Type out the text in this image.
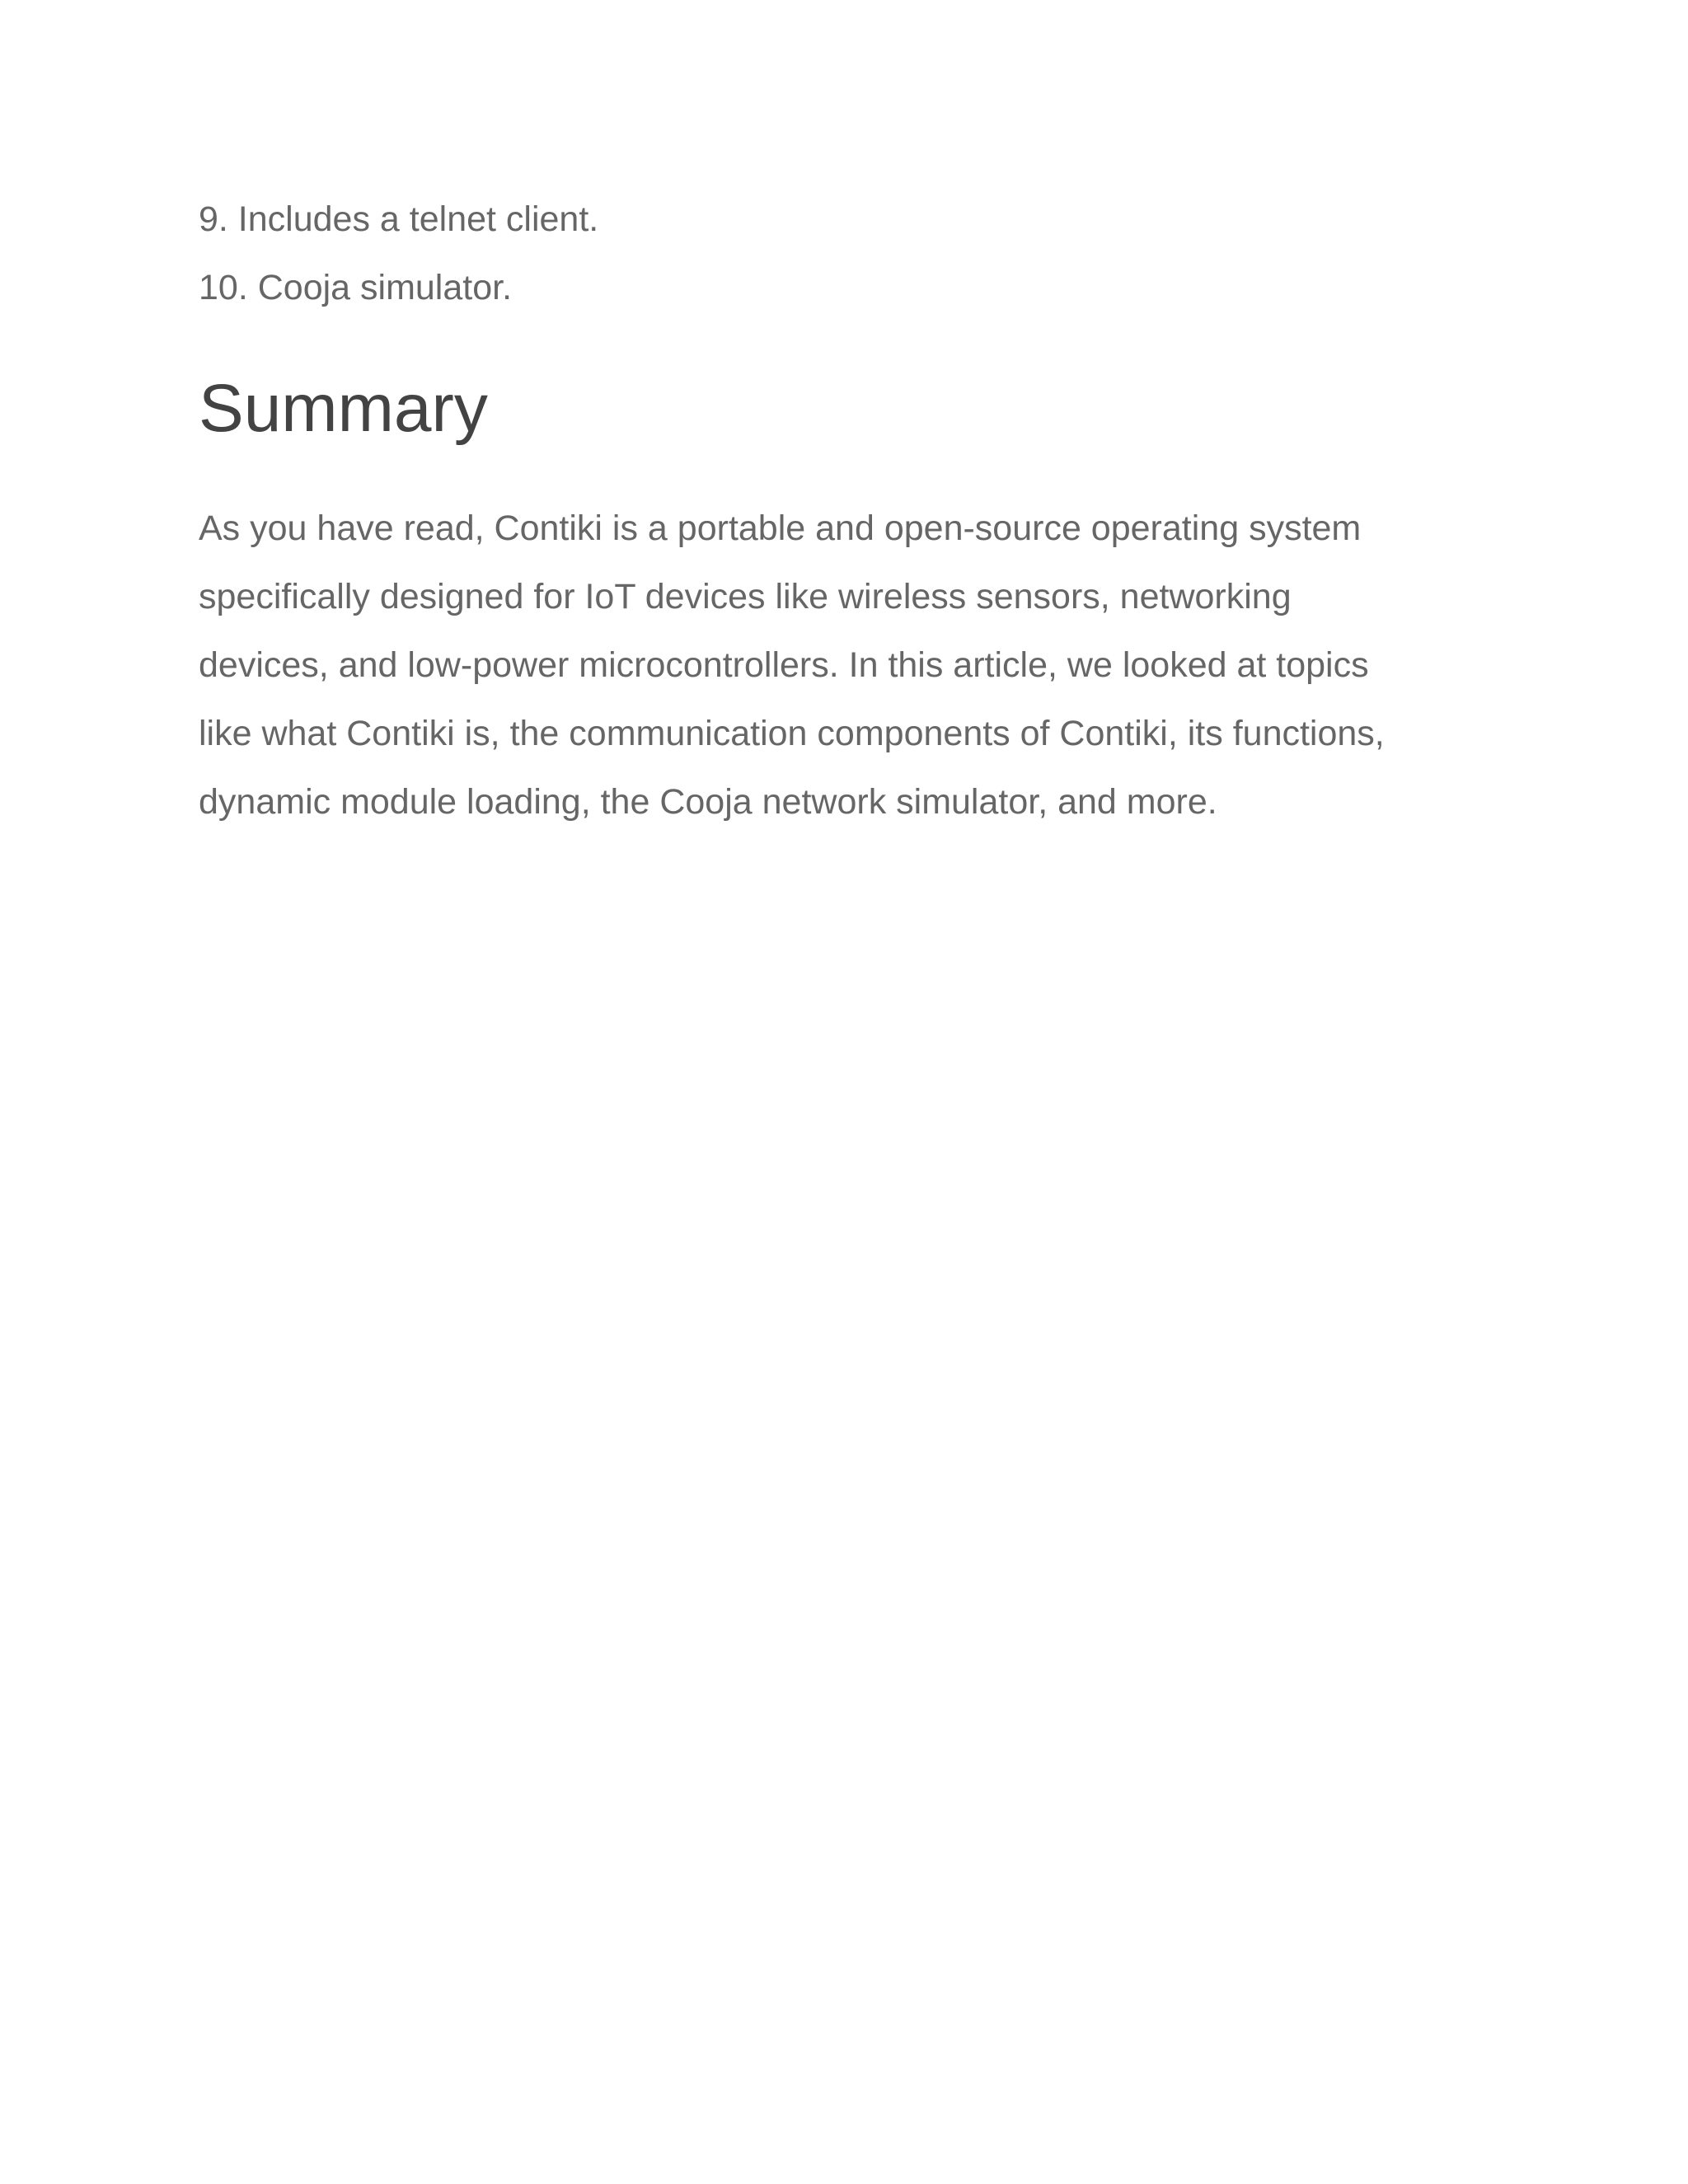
9. Includes a telnet client.
10. Cooja simulator.
Summary

As you have read, Contiki is a portable and open-source operating system
specifically designed for IoT devices like wireless sensors, networking
devices, and low-power microcontrollers. In this article, we looked at topics
like what Contiki is, the communication components of Contiki, its functions,
dynamic module loading, the Cooja network simulator, and more.
